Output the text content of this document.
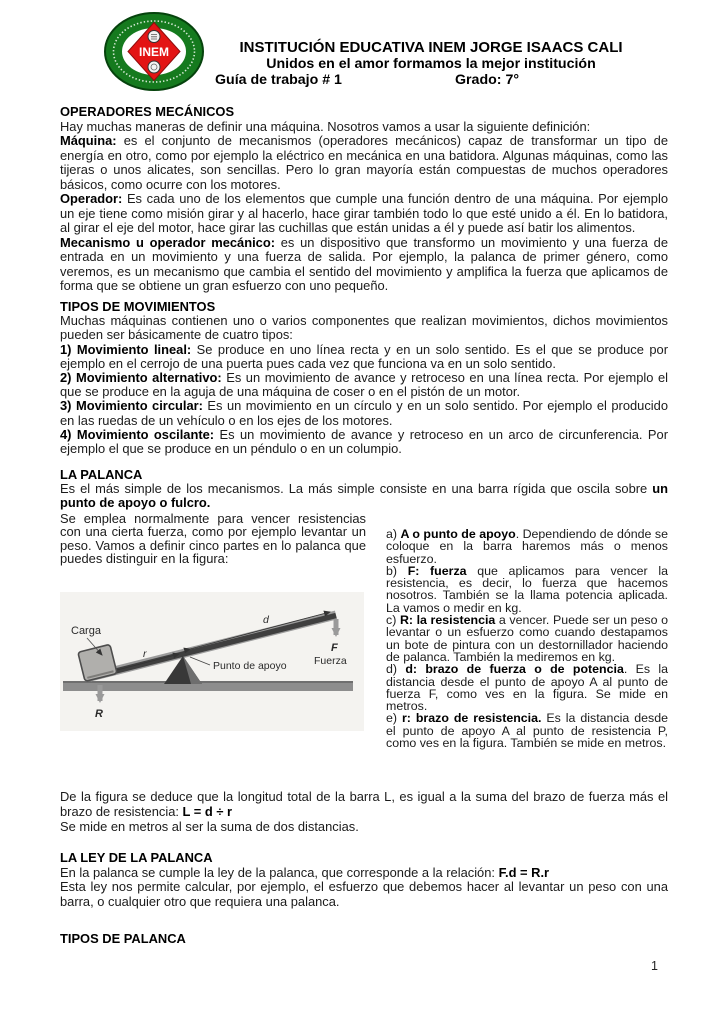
INEM	INSTITUCIÓN EDUCATIVA INEM JORGE ISAACS CALI
Unidos en el amor formamos la mejor institución
Guía de trabajo # 1	Grado: 7°

OPERADORES MECÁNICOS

Hay muchas maneras de definir una máquina. Nosotros vamos a usar la siguiente definición:

Máquina: es el conjunto de mecanismos (operadores mecánicos) capaz de transformar un tipo de energía en otro, como por ejemplo la eléctrico en mecánica en una batidora. Algunas máquinas, como las tijeras o unos alicates, son sencillas. Pero lo gran mayoría están compuestas de muchos operadores básicos, como ocurre con los motores.

Operador: Es cada uno de los elementos que cumple una función dentro de una máquina. Por ejemplo un eje tiene como misión girar y al hacerlo, hace girar también todo lo que esté unido a él. En lo batidora, al girar el eje del motor, hace girar las cuchillas que están unidas a él y puede así batir los alimentos.

Mecanismo u operador mecánico: es un dispositivo que transformo un movimiento y una fuerza de entrada en un movimiento y una fuerza de salida. Por ejemplo, la palanca de primer género, como veremos, es un mecanismo que cambia el sentido del movimiento y amplifica la fuerza que aplicamos de forma que se obtiene un gran esfuerzo con uno pequeño.

TIPOS DE MOVIMIENTOS

Muchas máquinas contienen uno o varios componentes que realizan movimientos, dichos movimientos pueden ser básicamente de cuatro tipos:

1) Movimiento lineal: Se produce en uno línea recta y en un solo sentido. Es el que se produce por ejemplo en el cerrojo de una puerta pues cada vez que funciona va en un solo sentido.

2) Movimiento alternativo: Es un movimiento de avance y retroceso en una línea recta. Por ejemplo el que se produce en la aguja de una máquina de coser o en el pistón de un motor.

3) Movimiento circular: Es un movimiento en un círculo y en un solo sentido. Por ejemplo el producido en las ruedas de un vehículo o en los ejes de los motores.

4) Movimiento oscilante: Es un movimiento de avance y retroceso en un arco de circunferencia. Por ejemplo el que se produce en un péndulo o en un columpio.

LA PALANCA

Es el más simple de los mecanismos. La más simple consiste en una barra rígida que oscila sobre un punto de apoyo o fulcro.

Se emplea normalmente para vencer resistencias con una cierta fuerza, como por ejemplo levantar un peso. Vamos a definir cinco partes en lo palanca que puedes distinguir en la figura:

Carga
r
d
Punto de apoyo
F
Fuerza
R

a) A o punto de apoyo. Dependiendo de dónde se coloque en la barra haremos más o menos esfuerzo.

b) F: fuerza que aplicamos para vencer la resistencia, es decir, lo fuerza que hacemos nosotros. También se la llama potencia aplicada. La vamos o medir en kg.

c) R: la resistencia a vencer. Puede ser un peso o levantar o un esfuerzo como cuando destapamos un bote de pintura con un destornillador haciendo de palanca. También la mediremos en kg.

d) d: brazo de fuerza o de potencia. Es la distancia desde el punto de apoyo A al punto de fuerza F, como ves en la figura. Se mide en metros.

e) r: brazo de resistencia. Es la distancia desde el punto de apoyo A al punto de resistencia P, como ves en la figura. También se mide en metros.

De la figura se deduce que la longitud total de la barra L, es igual a la suma del brazo de fuerza más el brazo de resistencia: L = d ÷ r

Se mide en metros al ser la suma de dos distancias.

LA LEY DE LA PALANCA

En la palanca se cumple la ley de la palanca, que corresponde a la relación: F.d = R.r

Esta ley nos permite calcular, por ejemplo, el esfuerzo que debemos hacer al levantar un peso con una barra, o cualquier otro que requiera una palanca.

TIPOS DE PALANCA

1
